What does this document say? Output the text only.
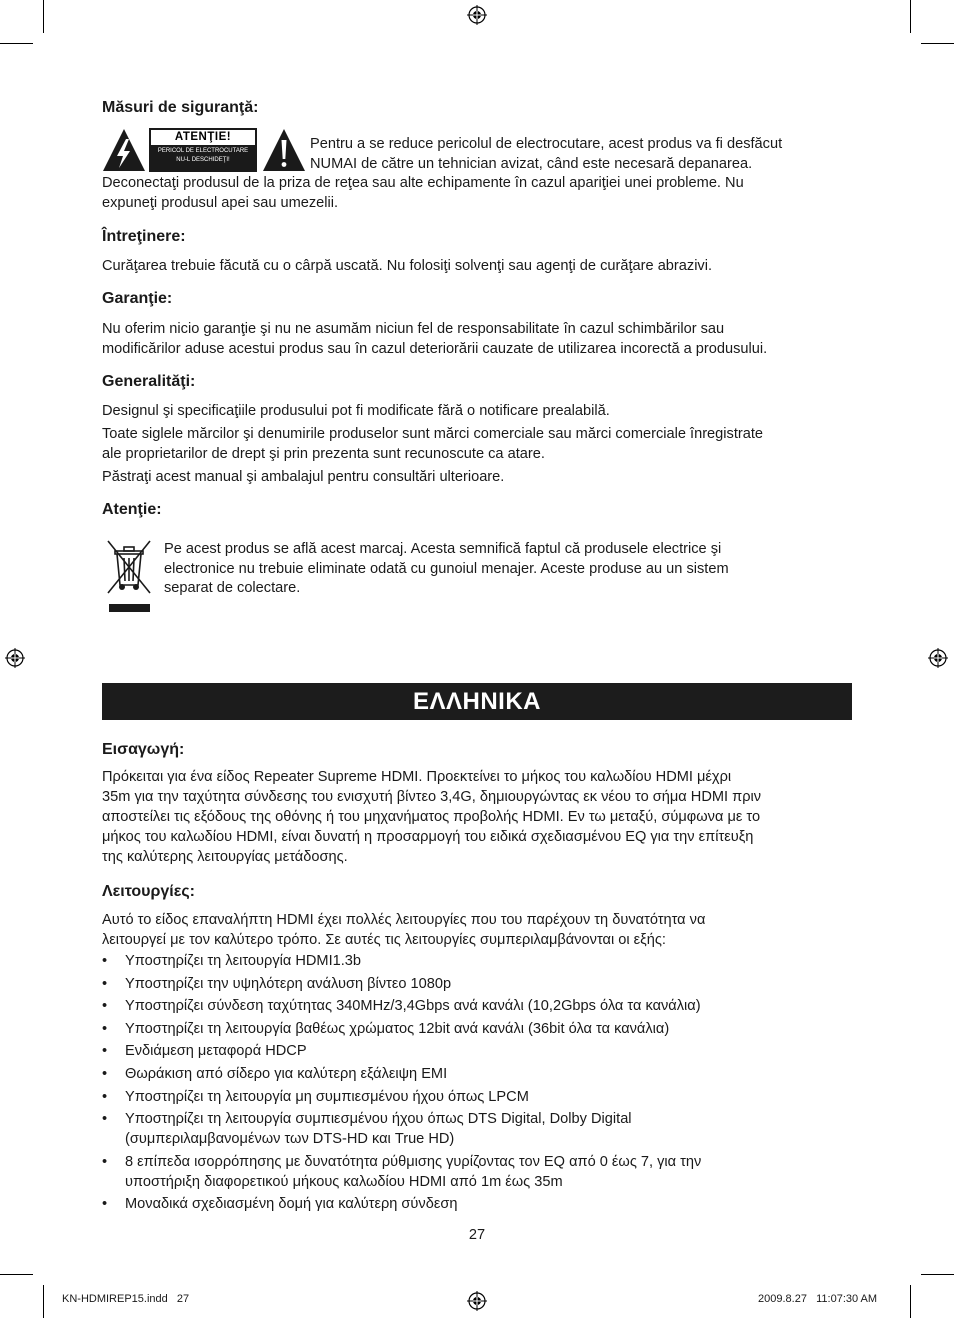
Măsuri de siguranţă:
ATENŢIE!
PERICOL DE ELECTROCUTARE
NU-L DESCHIDEŢI!
Pentru a se reduce pericolul de electrocutare, acest produs va fi desfăcut
NUMAI de către un tehnician avizat, când este necesară depanarea.
Deconectaţi produsul de la priza de reţea sau alte echipamente în cazul apariţiei unei probleme. Nu
expuneţi produsul apei sau umezelii.
Întreţinere:
Curăţarea trebuie făcută cu o cârpă uscată. Nu folosiţi solvenţi sau agenţi de curăţare abrazivi.
Garanţie:
Nu oferim nicio garanţie şi nu ne asumăm niciun fel de responsabilitate în cazul schimbărilor sau
modificărilor aduse acestui produs sau în cazul deteriorării cauzate de utilizarea incorectă a produsului.
Generalităţi:
Designul şi specificaţiile produsului pot fi modificate fără o notificare prealabilă.
Toate siglele mărcilor şi denumirile produselor sunt mărci comerciale sau mărci comerciale înregistrate
ale proprietarilor de drept şi prin prezenta sunt recunoscute ca atare.
Păstraţi acest manual şi ambalajul pentru consultări ulterioare.
Atenţie:
Pe acest produs se află acest marcaj. Acesta semnifică faptul că produsele electrice şi
electronice nu trebuie eliminate odată cu gunoiul menajer. Aceste produse au un sistem
separat de colectare.
ΕΛΛΗΝΙΚΑ
Εισαγωγή:
Πρόκειται για ένα είδος Repeater Supreme HDMI. Προεκτείνει το μήκος του καλωδίου HDMI μέχρι
35m για την ταχύτητα σύνδεσης του ενισχυτή βίντεο 3,4G, δημιουργώντας εκ νέου το σήμα HDMI πριν
αποστείλει τις εξόδους της οθόνης ή του μηχανήματος προβολής HDMI. Εν τω μεταξύ, σύμφωνα με το
μήκος του καλωδίου HDMI, είναι δυνατή η προσαρμογή του ειδικά σχεδιασμένου EQ για την επίτευξη
της καλύτερης λειτουργίας μετάδοσης.
Λειτουργίες:
Αυτό το είδος επαναλήπτη HDMI έχει πολλές λειτουργίες που του παρέχουν τη δυνατότητα να
λειτουργεί με τον καλύτερο τρόπο. Σε αυτές τις λειτουργίες συμπεριλαμβάνονται οι εξής:
• Υποστηρίζει τη λειτουργία HDMI1.3b
• Υποστηρίζει την υψηλότερη ανάλυση βίντεο 1080p
• Υποστηρίζει σύνδεση ταχύτητας 340MHz/3,4Gbps ανά κανάλι (10,2Gbps όλα τα κανάλια)
• Υποστηρίζει τη λειτουργία βαθέως χρώματος 12bit ανά κανάλι (36bit όλα τα κανάλια)
• Ενδιάμεση μεταφορά HDCP
• Θωράκιση από σίδερο για καλύτερη εξάλειψη EMI
• Υποστηρίζει τη λειτουργία μη συμπιεσμένου ήχου όπως LPCM
• Υποστηρίζει τη λειτουργία συμπιεσμένου ήχου όπως DTS Digital, Dolby Digital
(συμπεριλαμβανομένων των DTS-HD και True HD)
• 8 επίπεδα ισορρόπησης με δυνατότητα ρύθμισης γυρίζοντας τον EQ από 0 έως 7, για την
υποστήριξη διαφορετικού μήκους καλωδίου HDMI από 1m έως 35m
• Μοναδικά σχεδιασμένη δομή για καλύτερη σύνδεση
27
KN-HDMIREP15.indd   27	2009.8.27   11:07:30 AM
